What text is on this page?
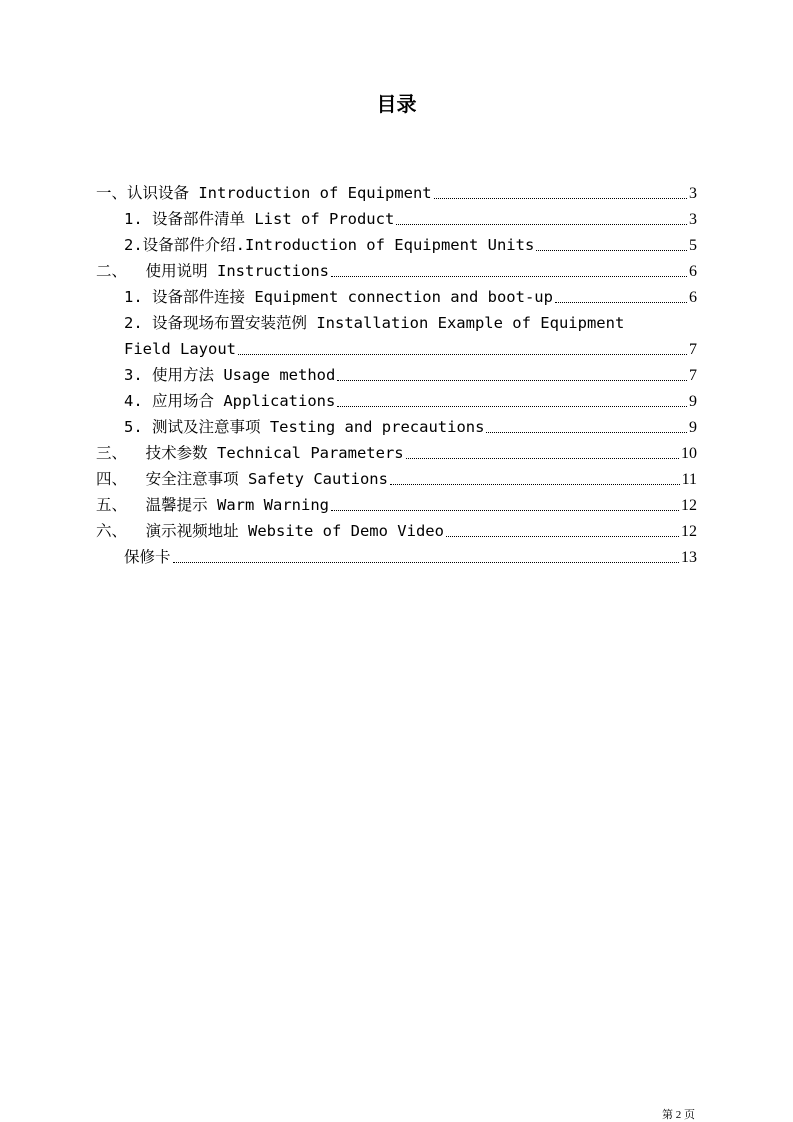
目录
一、认识设备 Introduction of Equipment	3
1. 设备部件清单 List of Product	3
2.设备部件介绍.Introduction of Equipment Units	5
二、  使用说明 Instructions	6
1. 设备部件连接 Equipment connection and boot-up	6
2. 设备现场布置安装范例 Installation Example of Equipment
Field Layout	7
3. 使用方法 Usage method	7
4. 应用场合 Applications	9
5. 测试及注意事项 Testing and precautions	9
三、  技术参数 Technical Parameters	10
四、  安全注意事项 Safety Cautions	11
五、  温馨提示 Warm Warning	12
六、  演示视频地址 Website of Demo Video	12
保修卡	13
第 2 页
